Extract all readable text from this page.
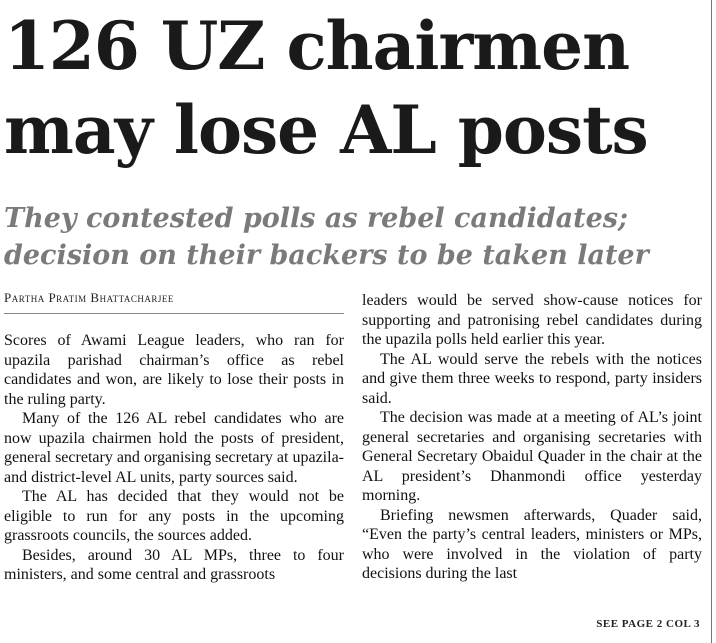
126 UZ chairmen
may lose AL posts
They contested polls as rebel candidates;
decision on their backers to be taken later
Partha Pratim Bhattacharjee

Scores of Awami League leaders, who ran for upazila parishad chairman’s office as rebel candidates and won, are likely to lose their posts in the ruling party.

Many of the 126 AL rebel candidates who are now upazila chairmen hold the posts of president, general secretary and organising secretary at upazila- and district-level AL units, party sources said.

The AL has decided that they would not be eligible to run for any posts in the upcoming grassroots councils, the sources added.

Besides, around 30 AL MPs, three to four ministers, and some central and grassroots

leaders would be served show-cause notices for supporting and patronising rebel candidates during the upazila polls held earlier this year.

The AL would serve the rebels with the notices and give them three weeks to respond, party insiders said.

The decision was made at a meeting of AL’s joint general secretaries and organising secretaries with General Secretary Obaidul Quader in the chair at the AL president’s Dhanmondi office yesterday morning.

Briefing newsmen afterwards, Quader said, “Even the party’s central leaders, ministers or MPs, who were involved in the violation of party decisions during the last

SEE PAGE 2 COL 3
